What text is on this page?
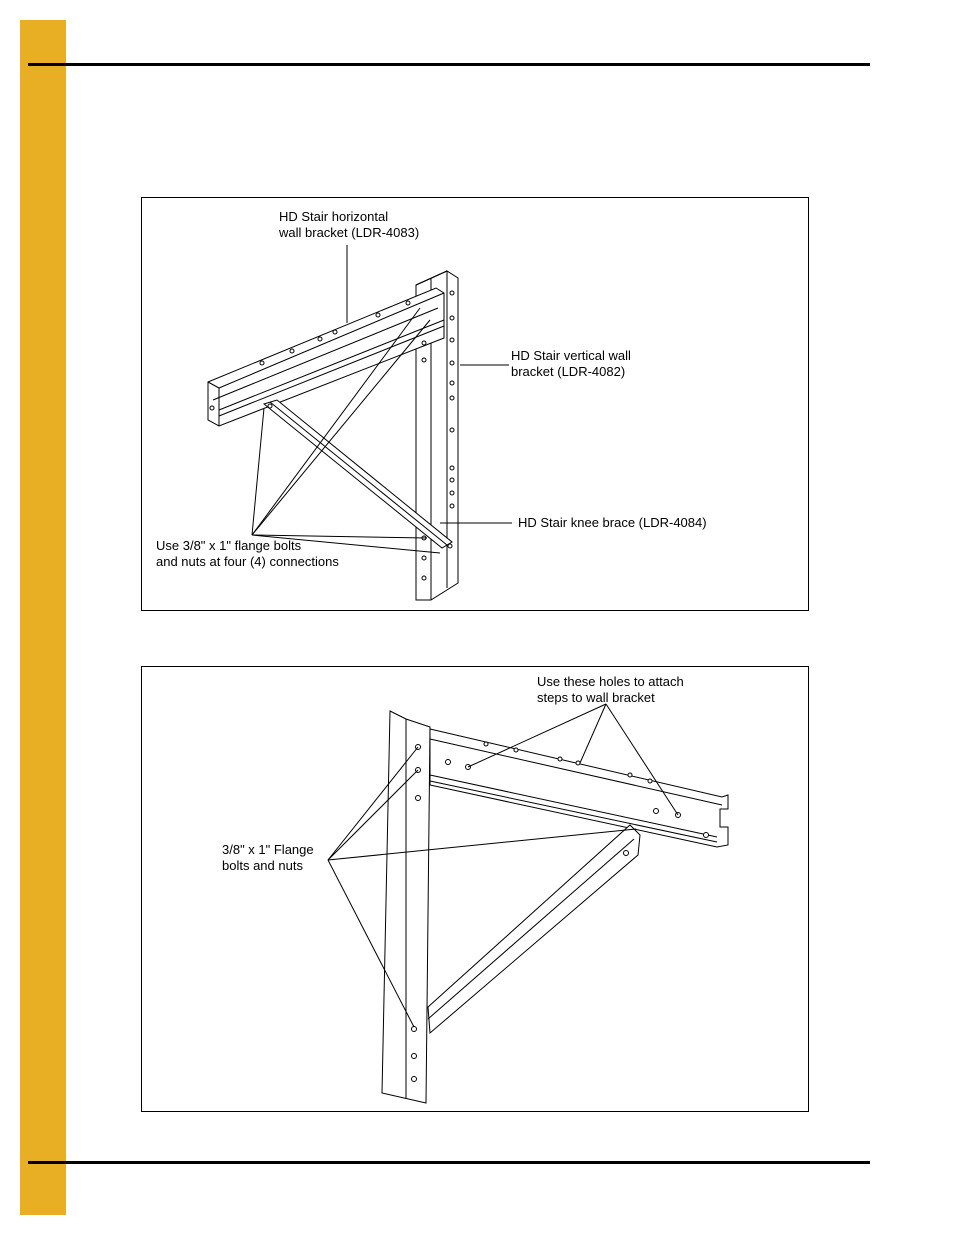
HD Stair horizontal
wall bracket (LDR-4083)
HD Stair vertical wall
bracket (LDR-4082)
HD Stair knee brace (LDR-4084)
Use 3/8" x 1" flange bolts
and nuts at four (4) connections
Use these holes to attach
steps to wall bracket
3/8" x 1" Flange
bolts and nuts
